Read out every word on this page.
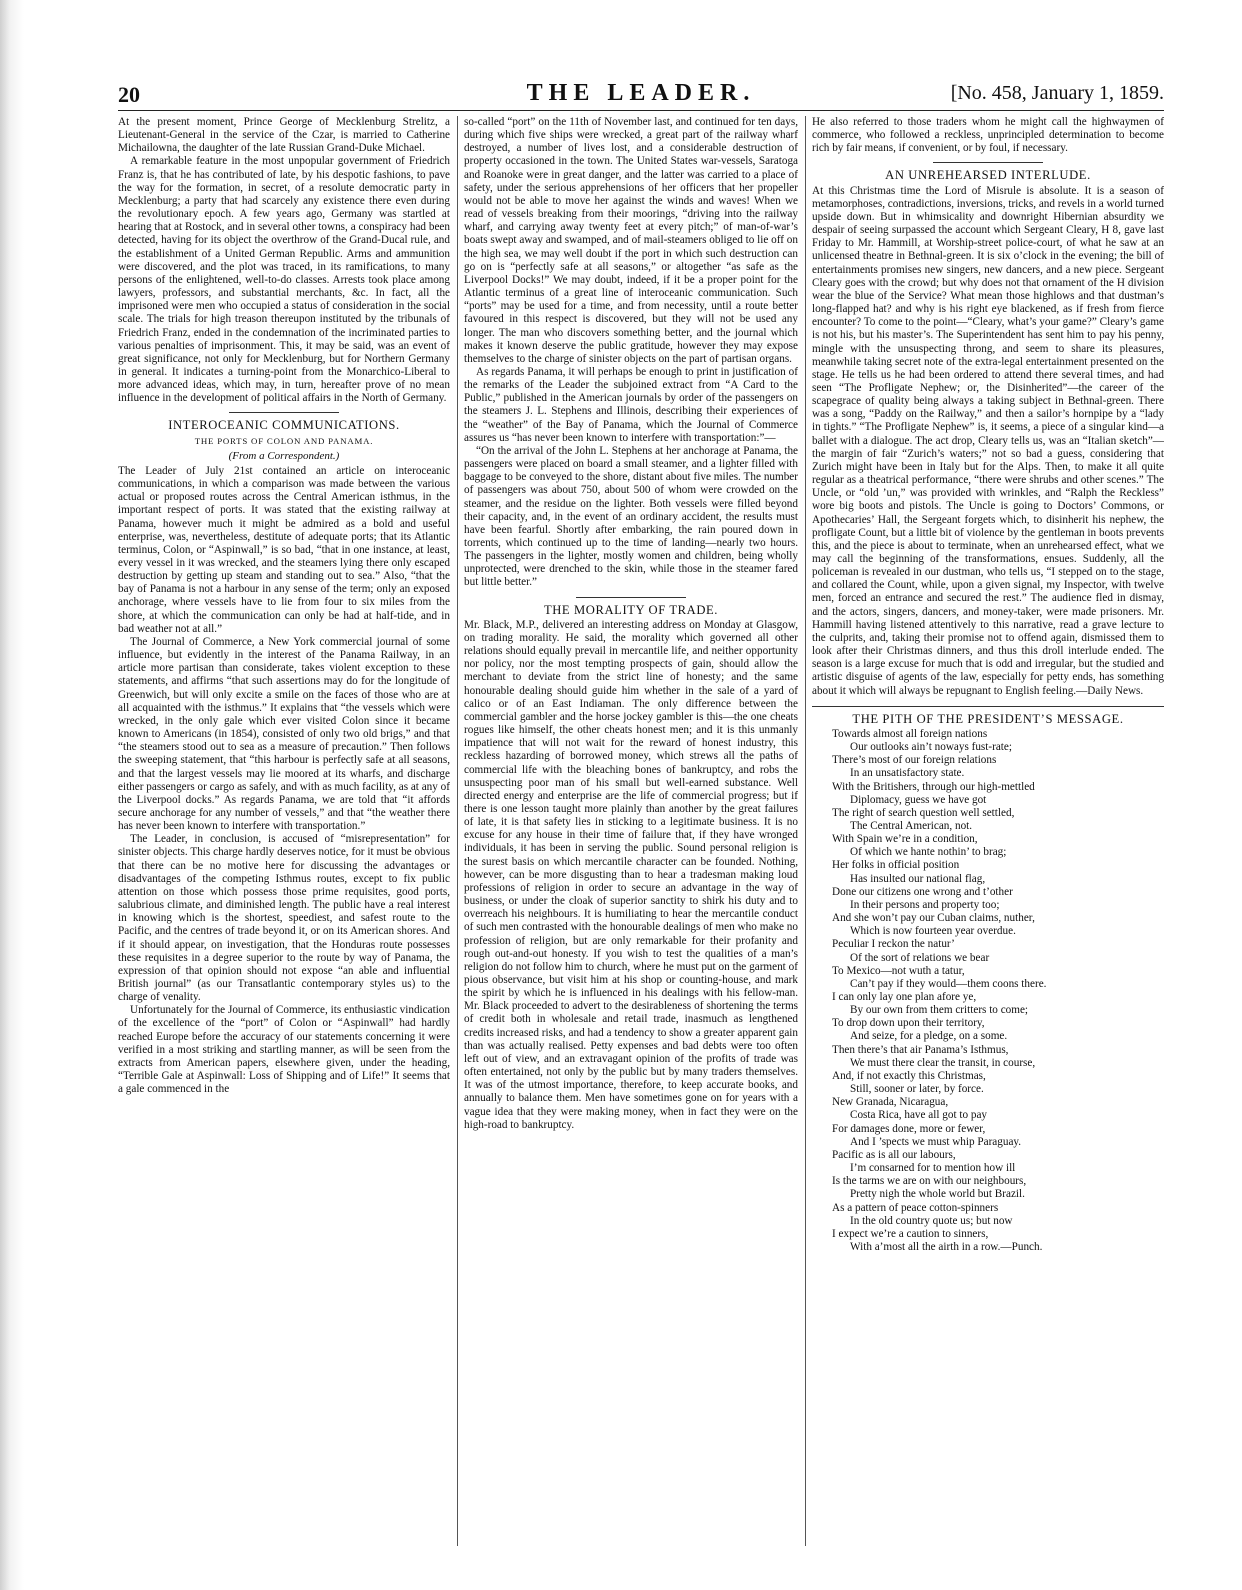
20	THE LEADER.	[No. 458, January 1, 1859.

At the present moment, Prince George of Mecklenburg Strelitz, a Lieutenant-General in the service of the Czar, is married to Catherine Michailowna, the daughter of the late Russian Grand-Duke Michael.

A remarkable feature in the most unpopular government of Friedrich Franz is, that he has contributed of late, by his despotic fashions, to pave the way for the formation, in secret, of a resolute democratic party in Mecklenburg; a party that had scarcely any existence there even during the revolutionary epoch. A few years ago, Germany was startled at hearing that at Rostock, and in several other towns, a conspiracy had been detected, having for its object the overthrow of the Grand-Ducal rule, and the establishment of a United German Republic. Arms and ammunition were discovered, and the plot was traced, in its ramifications, to many persons of the enlightened, well-to-do classes. Arrests took place among lawyers, professors, and substantial merchants, &c. In fact, all the imprisoned were men who occupied a status of consideration in the social scale. The trials for high treason thereupon instituted by the tribunals of Friedrich Franz, ended in the condemnation of the incriminated parties to various penalties of imprisonment. This, it may be said, was an event of great significance, not only for Mecklenburg, but for Northern Germany in general. It indicates a turning-point from the Monarchico-Liberal to more advanced ideas, which may, in turn, hereafter prove of no mean influence in the development of political affairs in the North of Germany.

INTEROCEANIC COMMUNICATIONS.

THE PORTS OF COLON AND PANAMA.

(From a Correspondent.)

The Leader of July 21st contained an article on interoceanic communications, in which a comparison was made between the various actual or proposed routes across the Central American isthmus, in the important respect of ports. It was stated that the existing railway at Panama, however much it might be admired as a bold and useful enterprise, was, nevertheless, destitute of adequate ports; that its Atlantic terminus, Colon, or “Aspinwall,” is so bad, “that in one instance, at least, every vessel in it was wrecked, and the steamers lying there only escaped destruction by getting up steam and standing out to sea.” Also, “that the bay of Panama is not a harbour in any sense of the term; only an exposed anchorage, where vessels have to lie from four to six miles from the shore, at which the communication can only be had at half-tide, and in bad weather not at all.”

The Journal of Commerce, a New York commercial journal of some influence, but evidently in the interest of the Panama Railway, in an article more partisan than considerate, takes violent exception to these statements, and affirms “that such assertions may do for the longitude of Greenwich, but will only excite a smile on the faces of those who are at all acquainted with the isthmus.” It explains that “the vessels which were wrecked, in the only gale which ever visited Colon since it became known to Americans (in 1854), consisted of only two old brigs,” and that “the steamers stood out to sea as a measure of precaution.” Then follows the sweeping statement, that “this harbour is perfectly safe at all seasons, and that the largest vessels may lie moored at its wharfs, and discharge either passengers or cargo as safely, and with as much facility, as at any of the Liverpool docks.” As regards Panama, we are told that “it affords secure anchorage for any number of vessels,” and that “the weather there has never been known to interfere with transportation.”

The Leader, in conclusion, is accused of “misrepresentation” for sinister objects. This charge hardly deserves notice, for it must be obvious that there can be no motive here for discussing the advantages or disadvantages of the competing Isthmus routes, except to fix public attention on those which possess those prime requisites, good ports, salubrious climate, and diminished length. The public have a real interest in knowing which is the shortest, speediest, and safest route to the Pacific, and the centres of trade beyond it, or on its American shores. And if it should appear, on investigation, that the Honduras route possesses these requisites in a degree superior to the route by way of Panama, the expression of that opinion should not expose “an able and influential British journal” (as our Transatlantic contemporary styles us) to the charge of venality.

Unfortunately for the Journal of Commerce, its enthusiastic vindication of the excellence of the “port” of Colon or “Aspinwall” had hardly reached Europe before the accuracy of our statements concerning it were verified in a most striking and startling manner, as will be seen from the extracts from American papers, elsewhere given, under the heading, “Terrible Gale at Aspinwall: Loss of Shipping and of Life!” It seems that a gale commenced in the

so-called “port” on the 11th of November last, and continued for ten days, during which five ships were wrecked, a great part of the railway wharf destroyed, a number of lives lost, and a considerable destruction of property occasioned in the town. The United States war-vessels, Saratoga and Roanoke were in great danger, and the latter was carried to a place of safety, under the serious apprehensions of her officers that her propeller would not be able to move her against the winds and waves! When we read of vessels breaking from their moorings, “driving into the railway wharf, and carrying away twenty feet at every pitch;” of man-of-war’s boats swept away and swamped, and of mail-steamers obliged to lie off on the high sea, we may well doubt if the port in which such destruction can go on is “perfectly safe at all seasons,” or altogether “as safe as the Liverpool Docks!” We may doubt, indeed, if it be a proper point for the Atlantic terminus of a great line of interoceanic communication. Such “ports” may be used for a time, and from necessity, until a route better favoured in this respect is discovered, but they will not be used any longer. The man who discovers something better, and the journal which makes it known deserve the public gratitude, however they may expose themselves to the charge of sinister objects on the part of partisan organs.

As regards Panama, it will perhaps be enough to print in justification of the remarks of the Leader the subjoined extract from “A Card to the Public,” published in the American journals by order of the passengers on the steamers J. L. Stephens and Illinois, describing their experiences of the “weather” of the Bay of Panama, which the Journal of Commerce assures us “has never been known to interfere with transportation:”—

“On the arrival of the John L. Stephens at her anchorage at Panama, the passengers were placed on board a small steamer, and a lighter filled with baggage to be conveyed to the shore, distant about five miles. The number of passengers was about 750, about 500 of whom were crowded on the steamer, and the residue on the lighter. Both vessels were filled beyond their capacity, and, in the event of an ordinary accident, the results must have been fearful. Shortly after embarking, the rain poured down in torrents, which continued up to the time of landing—nearly two hours. The passengers in the lighter, mostly women and children, being wholly unprotected, were drenched to the skin, while those in the steamer fared but little better.”

THE MORALITY OF TRADE.

Mr. Black, M.P., delivered an interesting address on Monday at Glasgow, on trading morality. He said, the morality which governed all other relations should equally prevail in mercantile life, and neither opportunity nor policy, nor the most tempting prospects of gain, should allow the merchant to deviate from the strict line of honesty; and the same honourable dealing should guide him whether in the sale of a yard of calico or of an East Indiaman. The only difference between the commercial gambler and the horse jockey gambler is this—the one cheats rogues like himself, the other cheats honest men; and it is this unmanly impatience that will not wait for the reward of honest industry, this reckless hazarding of borrowed money, which strews all the paths of commercial life with the bleaching bones of bankruptcy, and robs the unsuspecting poor man of his small but well-earned substance. Well directed energy and enterprise are the life of commercial progress; but if there is one lesson taught more plainly than another by the great failures of late, it is that safety lies in sticking to a legitimate business. It is no excuse for any house in their time of failure that, if they have wronged individuals, it has been in serving the public. Sound personal religion is the surest basis on which mercantile character can be founded. Nothing, however, can be more disgusting than to hear a tradesman making loud professions of religion in order to secure an advantage in the way of business, or under the cloak of superior sanctity to shirk his duty and to overreach his neighbours. It is humiliating to hear the mercantile conduct of such men contrasted with the honourable dealings of men who make no profession of religion, but are only remarkable for their profanity and rough out-and-out honesty. If you wish to test the qualities of a man’s religion do not follow him to church, where he must put on the garment of pious observance, but visit him at his shop or counting-house, and mark the spirit by which he is influenced in his dealings with his fellow-man. Mr. Black proceeded to advert to the desirableness of shortening the terms of credit both in wholesale and retail trade, inasmuch as lengthened credits increased risks, and had a tendency to show a greater apparent gain than was actually realised. Petty expenses and bad debts were too often left out of view, and an extravagant opinion of the profits of trade was often entertained, not only by the public but by many traders themselves. It was of the utmost importance, therefore, to keep accurate books, and annually to balance them. Men have sometimes gone on for years with a vague idea that they were making money, when in fact they were on the high-road to bankruptcy.

He also referred to those traders whom he might call the highwaymen of commerce, who followed a reckless, unprincipled determination to become rich by fair means, if convenient, or by foul, if necessary.

AN UNREHEARSED INTERLUDE.

At this Christmas time the Lord of Misrule is absolute. It is a season of metamorphoses, contradictions, inversions, tricks, and revels in a world turned upside down. But in whimsicality and downright Hibernian absurdity we despair of seeing surpassed the account which Sergeant Cleary, H 8, gave last Friday to Mr. Hammill, at Worship-street police-court, of what he saw at an unlicensed theatre in Bethnal-green. It is six o’clock in the evening; the bill of entertainments promises new singers, new dancers, and a new piece. Sergeant Cleary goes with the crowd; but why does not that ornament of the H division wear the blue of the Service? What mean those highlows and that dustman’s long-flapped hat? and why is his right eye blackened, as if fresh from fierce encounter? To come to the point—“Cleary, what’s your game?” Cleary’s game is not his, but his master’s. The Superintendent has sent him to pay his penny, mingle with the unsuspecting throng, and seem to share its pleasures, meanwhile taking secret note of the extra-legal entertainment presented on the stage. He tells us he had been ordered to attend there several times, and had seen “The Profligate Nephew; or, the Disinherited”—the career of the scapegrace of quality being always a taking subject in Bethnal-green. There was a song, “Paddy on the Railway,” and then a sailor’s hornpipe by a “lady in tights.” “The Profligate Nephew” is, it seems, a piece of a singular kind—a ballet with a dialogue. The act drop, Cleary tells us, was an “Italian sketch”—the margin of fair “Zurich’s waters;” not so bad a guess, considering that Zurich might have been in Italy but for the Alps. Then, to make it all quite regular as a theatrical performance, “there were shrubs and other scenes.” The Uncle, or “old ’un,” was provided with wrinkles, and “Ralph the Reckless” wore big boots and pistols. The Uncle is going to Doctors’ Commons, or Apothecaries’ Hall, the Sergeant forgets which, to disinherit his nephew, the profligate Count, but a little bit of violence by the gentleman in boots prevents this, and the piece is about to terminate, when an unrehearsed effect, what we may call the beginning of the transformations, ensues. Suddenly, all the policeman is revealed in our dustman, who tells us, “I stepped on to the stage, and collared the Count, while, upon a given signal, my Inspector, with twelve men, forced an entrance and secured the rest.” The audience fled in dismay, and the actors, singers, dancers, and money-taker, were made prisoners. Mr. Hammill having listened attentively to this narrative, read a grave lecture to the culprits, and, taking their promise not to offend again, dismissed them to look after their Christmas dinners, and thus this droll interlude ended. The season is a large excuse for much that is odd and irregular, but the studied and artistic disguise of agents of the law, especially for petty ends, has something about it which will always be repugnant to English feeling.—Daily News.

THE PITH OF THE PRESIDENT’S MESSAGE.

Towards almost all foreign nations
Our outlooks ain’t noways fust-rate;
There’s most of our foreign relations
In an unsatisfactory state.
With the Britishers, through our high-mettled
Diplomacy, guess we have got
The right of search question well settled,
The Central American, not.
With Spain we’re in a condition,
Of which we hante nothin’ to brag;
Her folks in official position
Has insulted our national flag,
Done our citizens one wrong and t’other
In their persons and property too;
And she won’t pay our Cuban claims, nuther,
Which is now fourteen year overdue.
Peculiar I reckon the natur’
Of the sort of relations we bear
To Mexico—not wuth a tatur,
Can’t pay if they would—them coons there.
I can only lay one plan afore ye,
By our own from them critters to come;
To drop down upon their territory,
And seize, for a pledge, on a some.
Then there’s that air Panama’s Isthmus,
We must there clear the transit, in course,
And, if not exactly this Christmas,
Still, sooner or later, by force.
New Granada, Nicaragua,
Costa Rica, have all got to pay
For damages done, more or fewer,
And I ’spects we must whip Paraguay.
Pacific as is all our labours,
I’m consarned for to mention how ill
Is the tarms we are on with our neighbours,
Pretty nigh the whole world but Brazil.
As a pattern of peace cotton-spinners
In the old country quote us; but now
I expect we’re a caution to sinners,
With a’most all the airth in a row.—Punch.
